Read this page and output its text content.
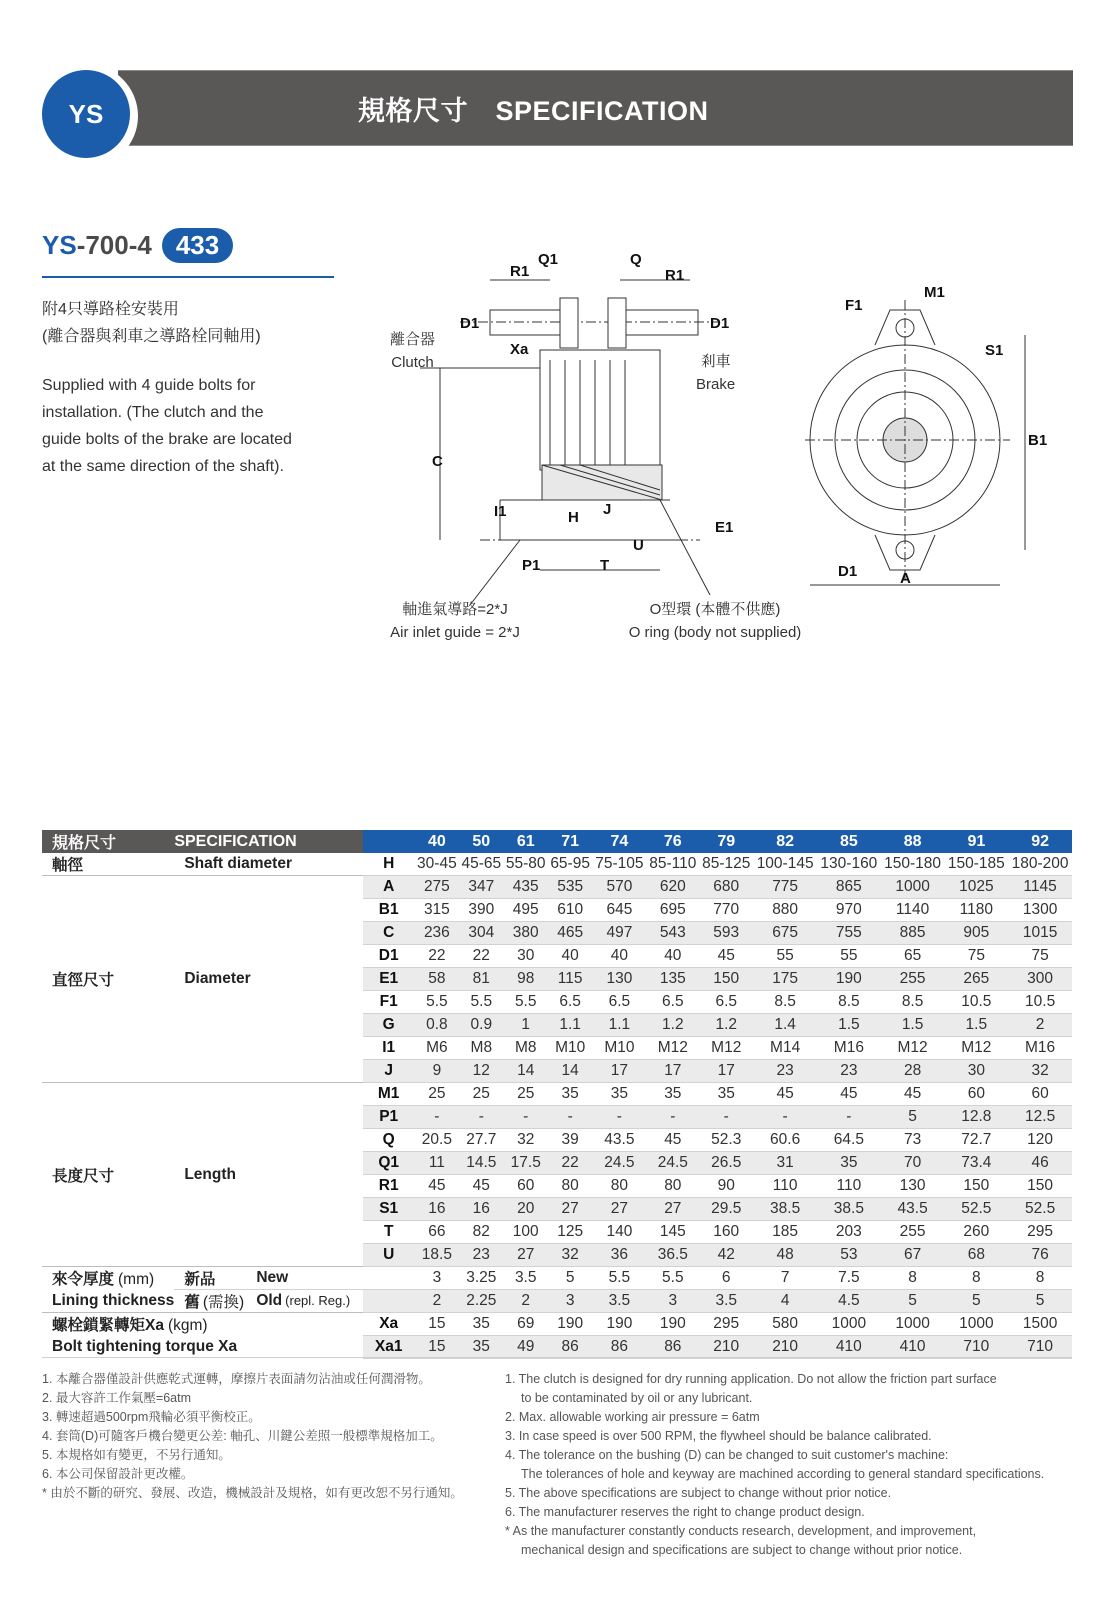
規格尺寸　SPECIFICATION
YS
YS -700-4 433
附4只導路栓安裝用
(離合器與剎車之導路栓同軸用)
Supplied with 4 guide bolts for installation. (The clutch and the guide bolts of the brake are located at the same direction of the shaft).
R1
Q1	Q
R1
D1	D1
Xa
C
I1	H J
U
E1
P1	T
M1
F1
S1
B1
D1	A
離合器
Clutch	剎車
Brake
軸進氣導路=2*J
Air inlet guide = 2*J
O型環 (本體不供應)
O ring (body not supplied)
規格尺寸	SPECIFICATION			40	50	61	71	74	76	79	82	85	88	91	92
軸徑	Shaft diameter		H	30-45	45-65	55-80	65-95	75-105	85-110	85-125	100-145	130-160	150-180	150-185	180-200
直徑尺寸	Diameter		A	275	347	435	535	570	620	680	775	865	1000	1025	1145
			B1	315	390	495	610	645	695	770	880	970	1140	1180	1300
			C	236	304	380	465	497	543	593	675	755	885	905	1015
			D1	22	22	30	40	40	40	45	55	55	65	75	75
			E1	58	81	98	115	130	135	150	175	190	255	265	300
			F1	5.5	5.5	5.5	6.5	6.5	6.5	6.5	8.5	8.5	8.5	10.5	10.5
			G	0.8	0.9	1	1.1	1.1	1.2	1.2	1.4	1.5	1.5	1.5	2
			I1	M6	M8	M8	M10	M10	M12	M12	M14	M16	M12	M12	M16
			J	9	12	14	14	17	17	17	23	23	28	30	32
長度尺寸	Length		M1	25	25	25	35	35	35	35	45	45	45	60	60
			P1	-	-	-	-	-	-	-	-	-	5	12.8	12.5
			Q	20.5	27.7	32	39	43.5	45	52.3	60.6	64.5	73	72.7	120
			Q1	11	14.5	17.5	22	24.5	24.5	26.5	31	35	70	73.4	46
			R1	45	45	60	80	80	80	90	110	110	130	150	150
			S1	16	16	20	27	27	27	29.5	38.5	38.5	43.5	52.5	52.5
			T	66	82	100	125	140	145	160	185	203	255	260	295
			U	18.5	23	27	32	36	36.5	42	48	53	67	68	76
來令厚度 (mm)	新品	New		3	3.25	3.5	5	5.5	5.5	6	7	7.5	8	8	8
Lining thickness	舊 (需換)	Old (repl. Reg.)		2	2.25	2	3	3.5	3	3.5	4	4.5	5	5	5
螺栓鎖緊轉矩Xa (kgm)			Xa	15	35	69	190	190	190	295	580	1000	1000	1000	1500
Bolt tightening torque Xa			Xa1	15	35	49	86	86	86	210	210	410	410	710	710
1. 本離合器僅設計供應乾式運轉，摩擦片表面請勿沾油或任何潤滑物。
2. 最大容許工作氣壓=6atm
3. 轉速超過500rpm飛輪必須平衡校正。
4. 套筒(D)可隨客戶機台變更公差: 軸孔、川鍵公差照一般標準規格加工。
5. 本規格如有變更，不另行通知。
6. 本公司保留設計更改權。
* 由於不斷的研究、發展、改造，機械設計及規格，如有更改恕不另行通知。
1. The clutch is designed for dry running application. Do not allow the friction part surface
to be contaminated by oil or any lubricant.
2. Max. allowable working air pressure = 6atm
3. In case speed is over 500 RPM, the flywheel should be balance calibrated.
4. The tolerance on the bushing (D) can be changed to suit customer's machine:
The tolerances of hole and keyway are machined according to general standard specifications.
5. The above specifications are subject to change without prior notice.
6. The manufacturer reserves the right to change product design.
* As the manufacturer constantly conducts research, development, and improvement,
mechanical design and specifications are subject to change without prior notice.
